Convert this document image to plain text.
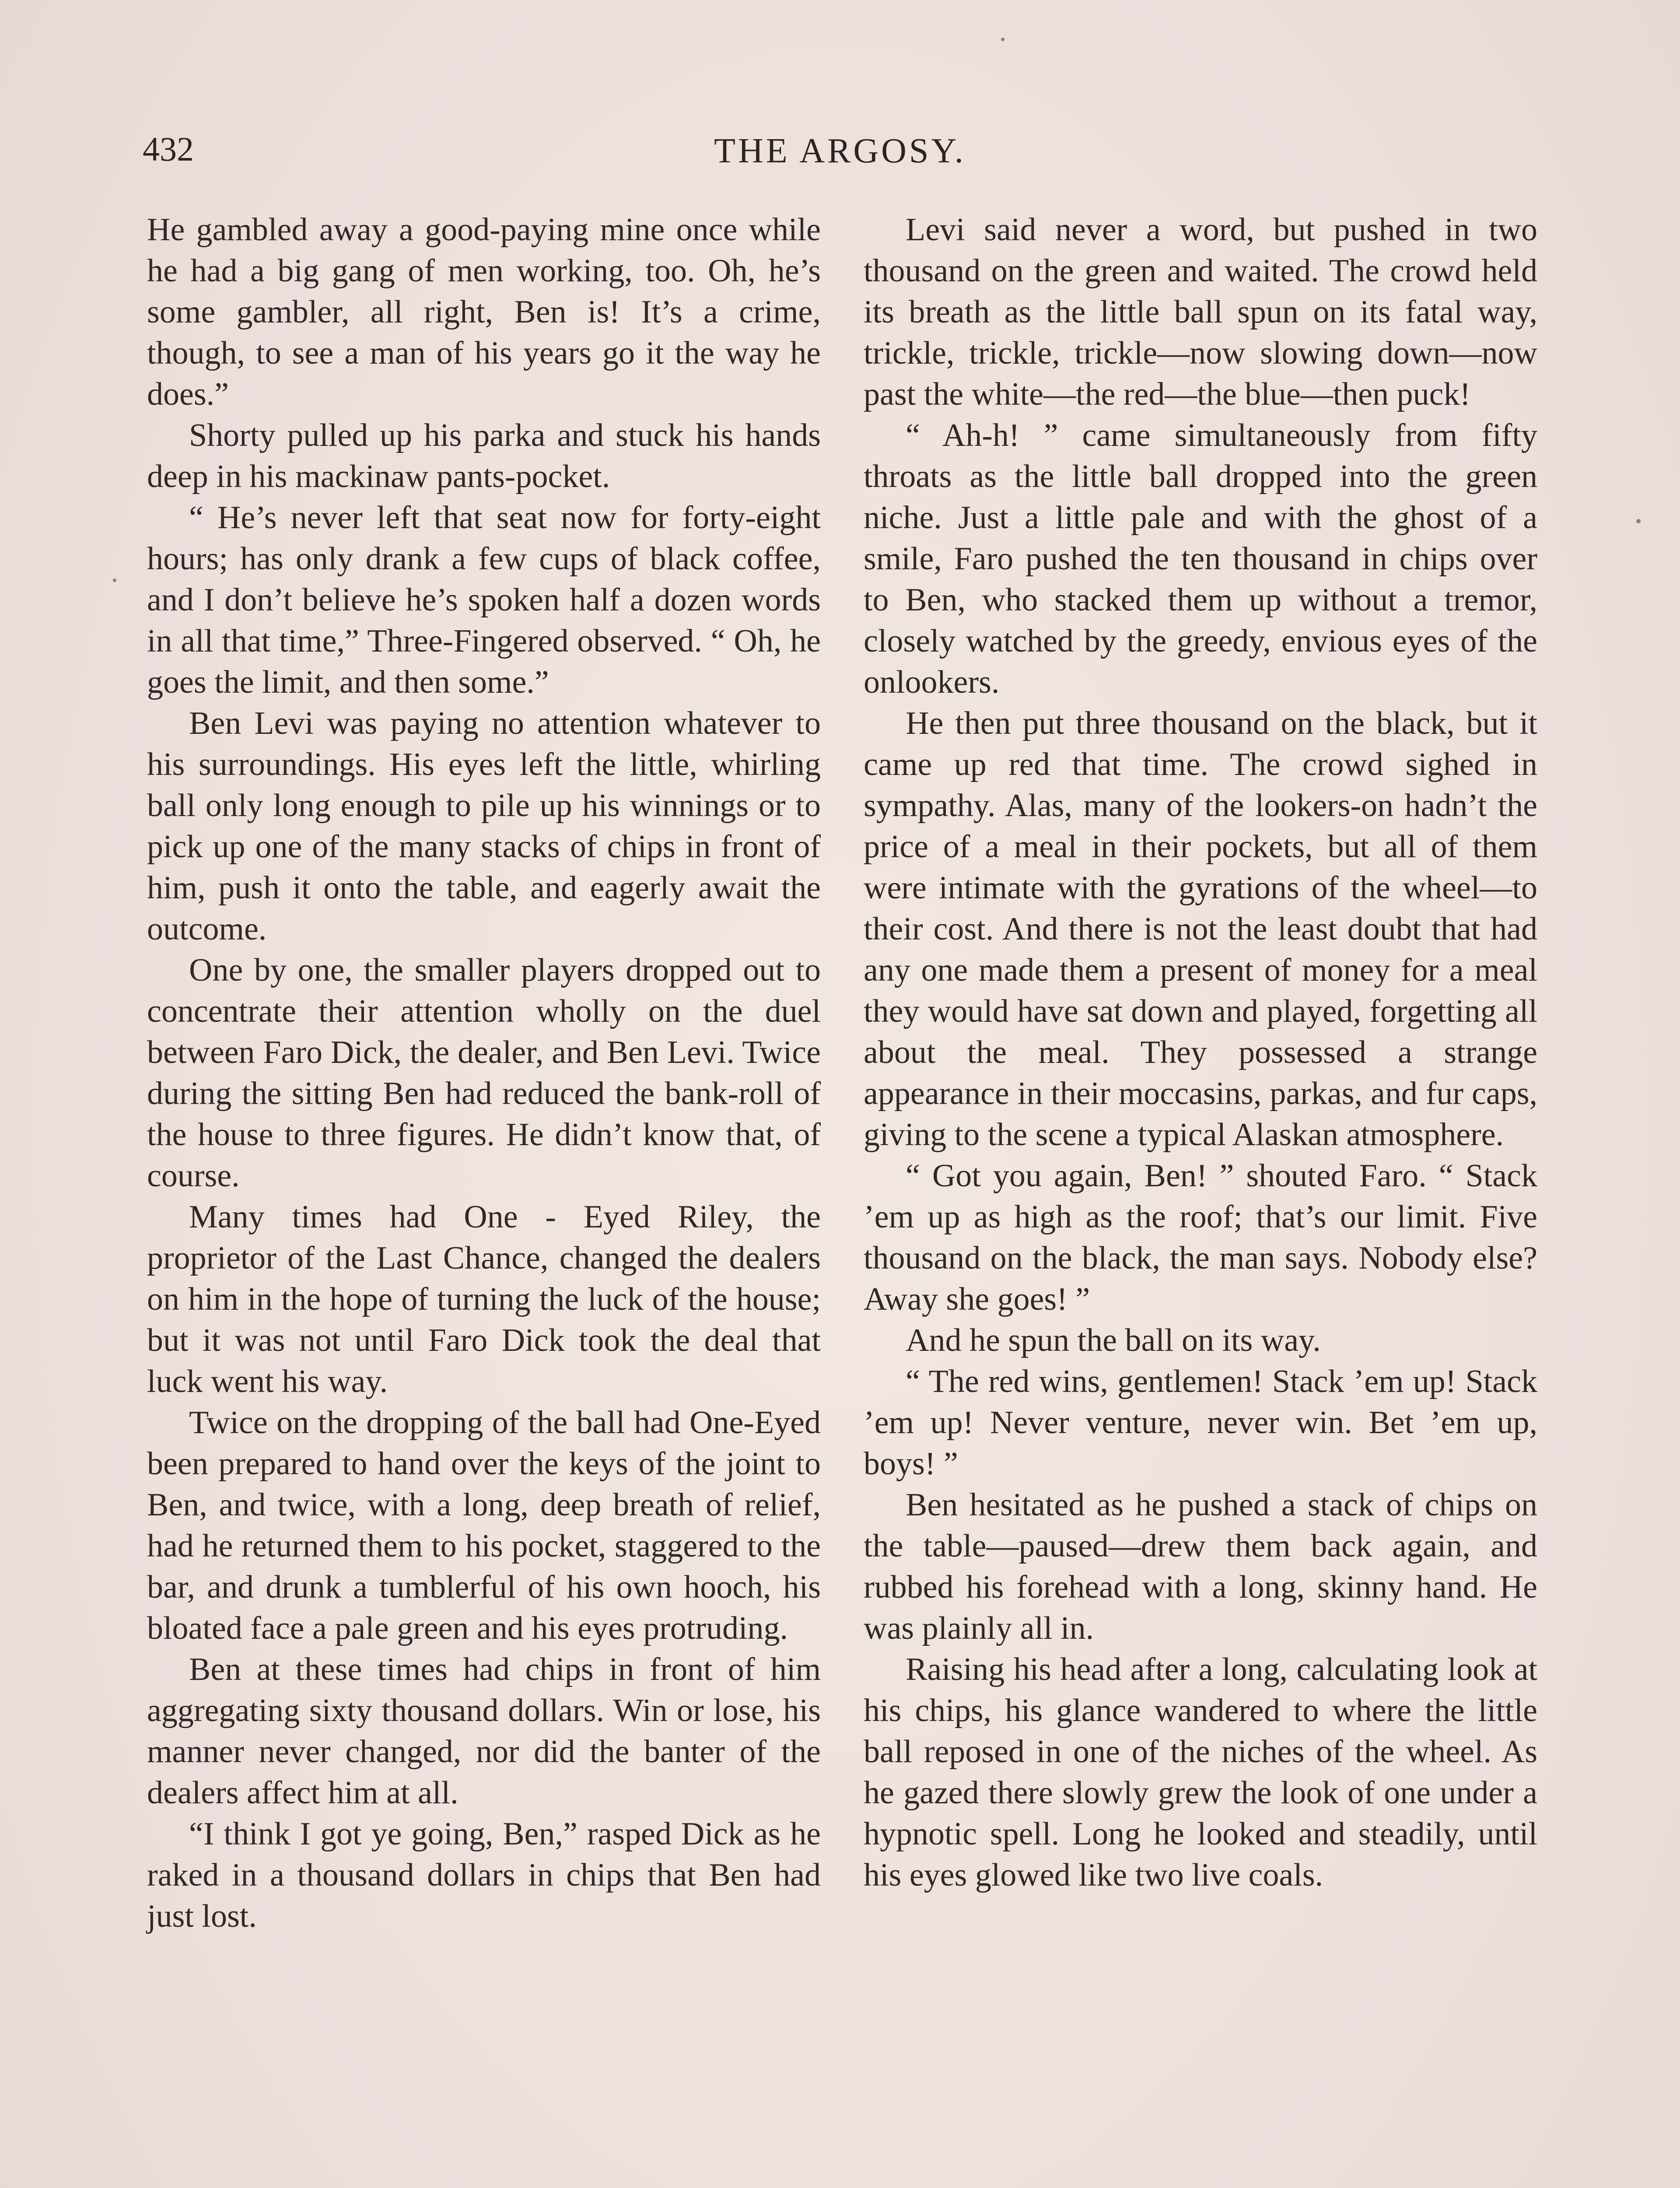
432	THE ARGOSY.

He gambled away a good-paying mine once while he had a big gang of men working, too. Oh, he’s some gambler, all right, Ben is! It’s a crime, though, to see a man of his years go it the way he does.”

Shorty pulled up his parka and stuck his hands deep in his mackinaw pants-pocket.

“ He’s never left that seat now for forty-eight hours; has only drank a few cups of black coffee, and I don’t believe he’s spoken half a dozen words in all that time,” Three-Fingered observed. “ Oh, he goes the limit, and then some.”

Ben Levi was paying no attention whatever to his surroundings. His eyes left the little, whirling ball only long enough to pile up his winnings or to pick up one of the many stacks of chips in front of him, push it onto the table, and eagerly await the outcome.

One by one, the smaller players dropped out to concentrate their attention wholly on the duel between Faro Dick, the dealer, and Ben Levi. Twice during the sitting Ben had reduced the bank-roll of the house to three figures. He didn’t know that, of course.

Many times had One - Eyed Riley, the proprietor of the Last Chance, changed the dealers on him in the hope of turning the luck of the house; but it was not until Faro Dick took the deal that luck went his way.

Twice on the dropping of the ball had One-Eyed been prepared to hand over the keys of the joint to Ben, and twice, with a long, deep breath of relief, had he returned them to his pocket, staggered to the bar, and drunk a tumblerful of his own hooch, his bloated face a pale green and his eyes protruding.

Ben at these times had chips in front of him aggregating sixty thousand dollars. Win or lose, his manner never changed, nor did the banter of the dealers affect him at all.

“I think I got ye going, Ben,” rasped Dick as he raked in a thousand dollars in chips that Ben had just lost.

Levi said never a word, but pushed in two thousand on the green and waited. The crowd held its breath as the little ball spun on its fatal way, trickle, trickle, trickle—now slowing down—now past the white—the red—the blue—then puck!

“ Ah-h! ” came simultaneously from fifty throats as the little ball dropped into the green niche. Just a little pale and with the ghost of a smile, Faro pushed the ten thousand in chips over to Ben, who stacked them up without a tremor, closely watched by the greedy, envious eyes of the onlookers.

He then put three thousand on the black, but it came up red that time. The crowd sighed in sympathy. Alas, many of the lookers-on hadn’t the price of a meal in their pockets, but all of them were intimate with the gyrations of the wheel—to their cost. And there is not the least doubt that had any one made them a present of money for a meal they would have sat down and played, forgetting all about the meal. They possessed a strange appearance in their moccasins, parkas, and fur caps, giving to the scene a typical Alaskan atmosphere.

“ Got you again, Ben! ” shouted Faro. “ Stack ’em up as high as the roof; that’s our limit. Five thousand on the black, the man says. Nobody else? Away she goes! ”

And he spun the ball on its way.

“ The red wins, gentlemen! Stack ’em up! Stack ’em up! Never venture, never win. Bet ’em up, boys! ”

Ben hesitated as he pushed a stack of chips on the table—paused—drew them back again, and rubbed his forehead with a long, skinny hand. He was plainly all in.

Raising his head after a long, calculating look at his chips, his glance wandered to where the little ball reposed in one of the niches of the wheel. As he gazed there slowly grew the look of one under a hypnotic spell. Long he looked and steadily, until his eyes glowed like two live coals.
